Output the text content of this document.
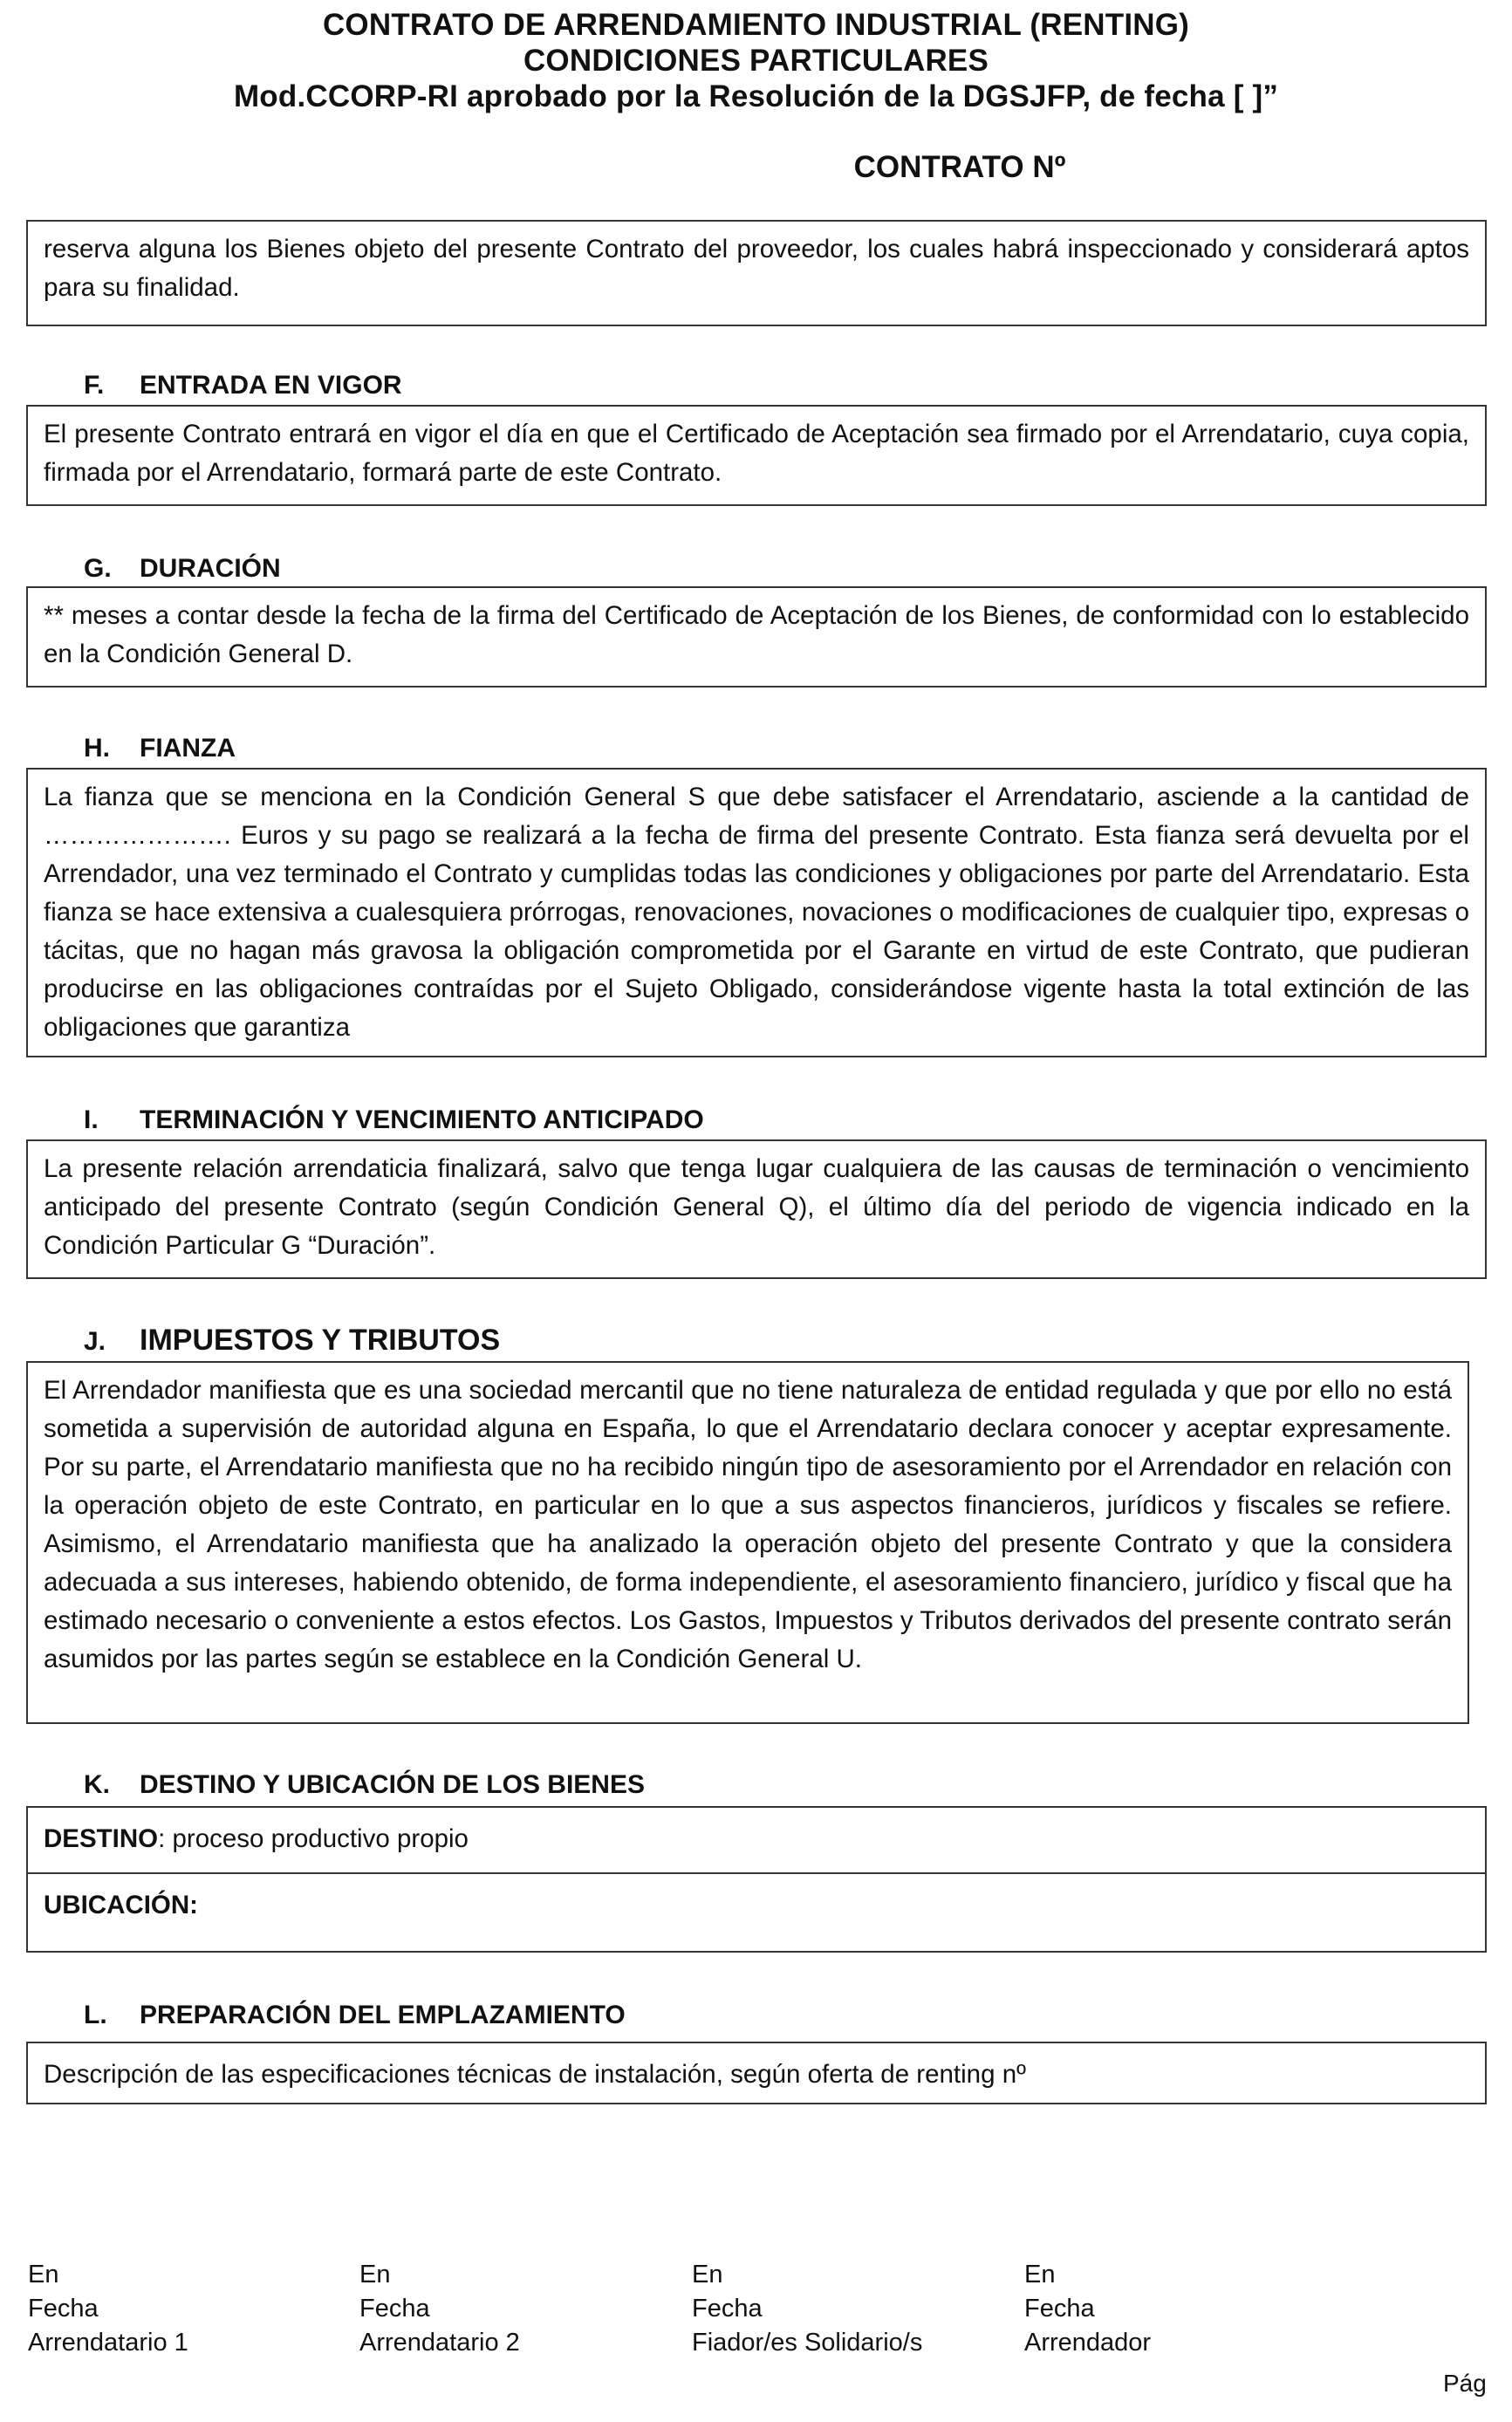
CONTRATO DE ARRENDAMIENTO INDUSTRIAL (RENTING)
CONDICIONES PARTICULARES
Mod.CCORP-RI aprobado por la Resolución de la DGSJFP, de fecha [ ]”
CONTRATO Nº

reserva alguna los Bienes objeto del presente Contrato del proveedor, los cuales habrá inspeccionado y considerará aptos para su finalidad.

F. ENTRADA EN VIGOR

El presente Contrato entrará en vigor el día en que el Certificado de Aceptación sea firmado por el Arrendatario, cuya copia, firmada por el Arrendatario, formará parte de este Contrato.

G. DURACIÓN

** meses a contar desde la fecha de la firma del Certificado de Aceptación de los Bienes, de conformidad con lo establecido en la Condición General D.

H. FIANZA

La fianza que se menciona en la Condición General S que debe satisfacer el Arrendatario, asciende a la cantidad de …………………. Euros y su pago se realizará a la fecha de firma del presente Contrato. Esta fianza será devuelta por el Arrendador, una vez terminado el Contrato y cumplidas todas las condiciones y obligaciones por parte del Arrendatario. Esta fianza se hace extensiva a cualesquiera prórrogas, renovaciones, novaciones o modificaciones de cualquier tipo, expresas o tácitas, que no hagan más gravosa la obligación comprometida por el Garante en virtud de este Contrato, que pudieran producirse en las obligaciones contraídas por el Sujeto Obligado, considerándose vigente hasta la total extinción de las obligaciones que garantiza

I. TERMINACIÓN Y VENCIMIENTO ANTICIPADO

La presente relación arrendaticia finalizará, salvo que tenga lugar cualquiera de las causas de terminación o vencimiento anticipado del presente Contrato (según Condición General Q), el último día del periodo de vigencia indicado en la Condición Particular G “Duración”.

J. IMPUESTOS Y TRIBUTOS

El Arrendador manifiesta que es una sociedad mercantil que no tiene naturaleza de entidad regulada y que por ello no está sometida a supervisión de autoridad alguna en España, lo que el Arrendatario declara conocer y aceptar expresamente. Por su parte, el Arrendatario manifiesta que no ha recibido ningún tipo de asesoramiento por el Arrendador en relación con la operación objeto de este Contrato, en particular en lo que a sus aspectos financieros, jurídicos y fiscales se refiere. Asimismo, el Arrendatario manifiesta que ha analizado la operación objeto del presente Contrato y que la considera adecuada a sus intereses, habiendo obtenido, de forma independiente, el asesoramiento financiero, jurídico y fiscal que ha estimado necesario o conveniente a estos efectos. Los Gastos, Impuestos y Tributos derivados del presente contrato serán asumidos por las partes según se establece en la Condición General U.

K. DESTINO Y UBICACIÓN DE LOS BIENES
DESTINO: proceso productivo propio
UBICACIÓN:
L. PREPARACIÓN DEL EMPLAZAMIENTO

Descripción de las especificaciones técnicas de instalación, según oferta de renting nº

En
Fecha
Arrendatario 1
En
Fecha
Arrendatario 2
En
Fecha
Fiador/es Solidario/s
En
Fecha
Arrendador
Pág
